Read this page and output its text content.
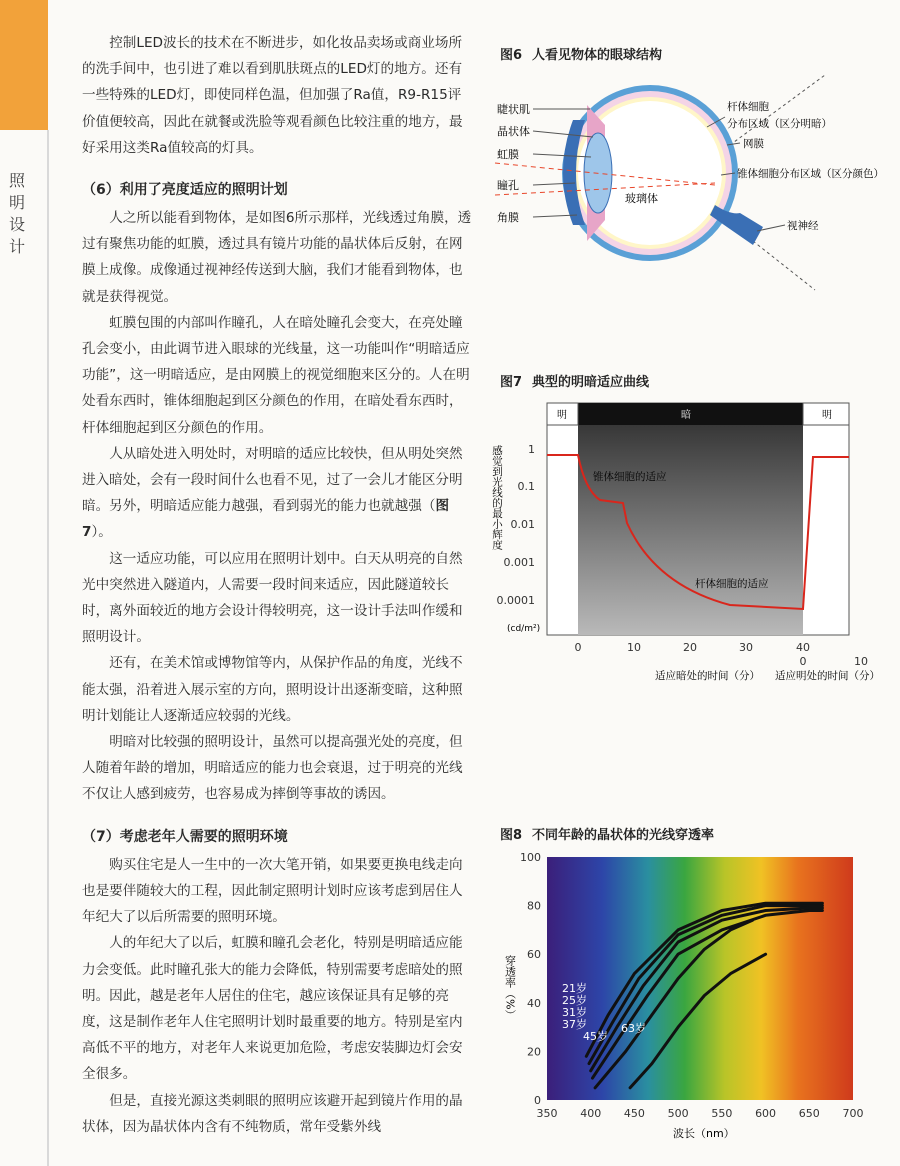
照明设计

控制LED波长的技术在不断进步，如化妆品卖场或商业场所的洗手间中，也引进了难以看到肌肤斑点的LED灯的地方。还有一些特殊的LED灯，即使同样色温，但加强了Ra值，R9-R15评价值便较高，因此在就餐或洗脸等观看颜色比较注重的地方，最好采用这类Ra值较高的灯具。

（6）利用了亮度适应的照明计划

人之所以能看到物体，是如图6所示那样，光线透过角膜，透过有聚焦功能的虹膜，透过具有镜片功能的晶状体后反射，在网膜上成像。成像通过视神经传送到大脑，我们才能看到物体，也就是获得视觉。

虹膜包围的内部叫作瞳孔，人在暗处瞳孔会变大，在亮处瞳孔会变小，由此调节进入眼球的光线量，这一功能叫作“明暗适应功能”，这一明暗适应，是由网膜上的视觉细胞来区分的。人在明处看东西时，锥体细胞起到区分颜色的作用，在暗处看东西时，杆体细胞起到区分颜色的作用。

人从暗处进入明处时，对明暗的适应比较快，但从明处突然进入暗处，会有一段时间什么也看不见，过了一会儿才能区分明暗。另外，明暗适应能力越强，看到弱光的能力也就越强（图7）。

这一适应功能，可以应用在照明计划中。白天从明亮的自然光中突然进入隧道内，人需要一段时间来适应，因此隧道较长时，离外面较近的地方会设计得较明亮，这一设计手法叫作缓和照明设计。

还有，在美术馆或博物馆等内，从保护作品的角度，光线不能太强，沿着进入展示室的方向，照明设计出逐渐变暗，这种照明计划能让人逐渐适应较弱的光线。

明暗对比较强的照明设计，虽然可以提高强光处的亮度，但人随着年龄的增加，明暗适应的能力也会衰退，过于明亮的光线不仅让人感到疲劳，也容易成为摔倒等事故的诱因。

（7）考虑老年人需要的照明环境

购买住宅是人一生中的一次大笔开销，如果要更换电线走向也是要伴随较大的工程，因此制定照明计划时应该考虑到居住人年纪大了以后所需要的照明环境。

人的年纪大了以后，虹膜和瞳孔会老化，特别是明暗适应能力会变低。此时瞳孔张大的能力会降低，特别需要考虑暗处的照明。因此，越是老年人居住的住宅，越应该保证具有足够的亮度，这是制作老年人住宅照明计划时最重要的地方。特别是室内高低不平的地方，对老年人来说更加危险，考虑安装脚边灯会安全很多。

但是，直接光源这类刺眼的照明应该避开起到镜片作用的晶状体，因为晶状体内含有不纯物质，常年受紫外线

图6 人看见物体的眼球结构
睫状肌
晶状体
虹膜
瞳孔
角膜
玻璃体
杆体细胞
分布区域（区分明暗）
网膜
锥体细胞分布区域（区分颜色）
视神经
图7 典型的明暗适应曲线
明	暗	明
1
0.1
0.01
0.001
0.0001
(cd/m²)
感觉到光线的最小辉度
0	10	20	30	40
0	10
适应暗处的时间（分） 适应明处的时间（分）
锥体细胞的适应
杆体细胞的适应
图8 不同年龄的晶状体的光线穿透率
350 400 450 500 550 600 650 700
0
20
40
60
80
100
穿透率（%）
波长（nm）
21岁
25岁
31岁
37岁
45岁
63岁
